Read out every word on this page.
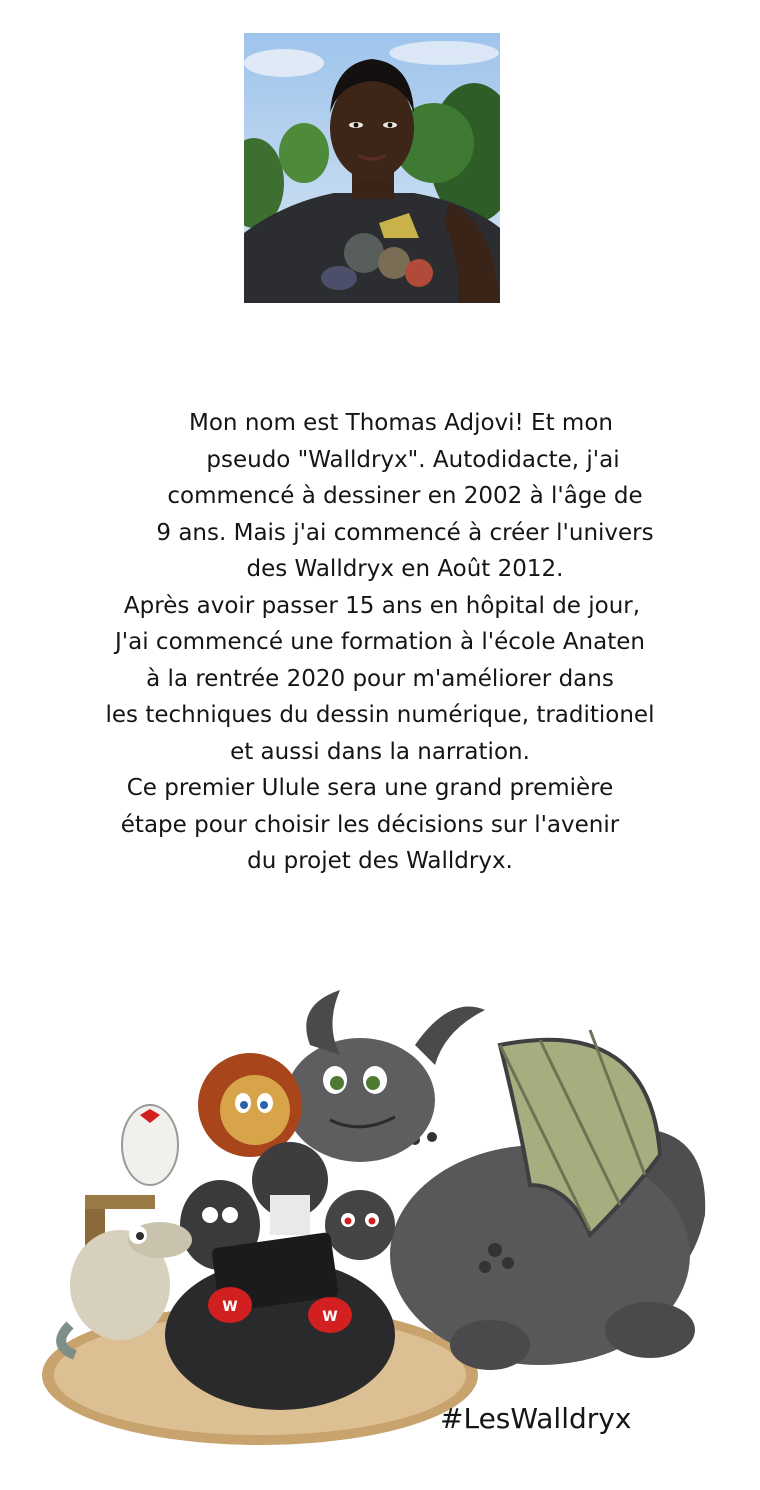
Mon nom est Thomas Adjovi! Et mon
pseudo "Walldryx". Autodidacte, j'ai
commencé à dessiner en 2002 à l'âge de
9 ans. Mais j'ai commencé à créer l'univers
des Walldryx en Août 2012.
Après avoir passer 15 ans en hôpital de jour,
J'ai commencé une formation à l'école Anaten
à la rentrée 2020 pour m'améliorer dans
les techniques du dessin numérique, traditionel
et aussi dans la narration.
Ce premier Ulule sera une grand première
étape pour choisir les décisions sur l'avenir
du projet des Walldryx.
W
W
#LesWalldryx
